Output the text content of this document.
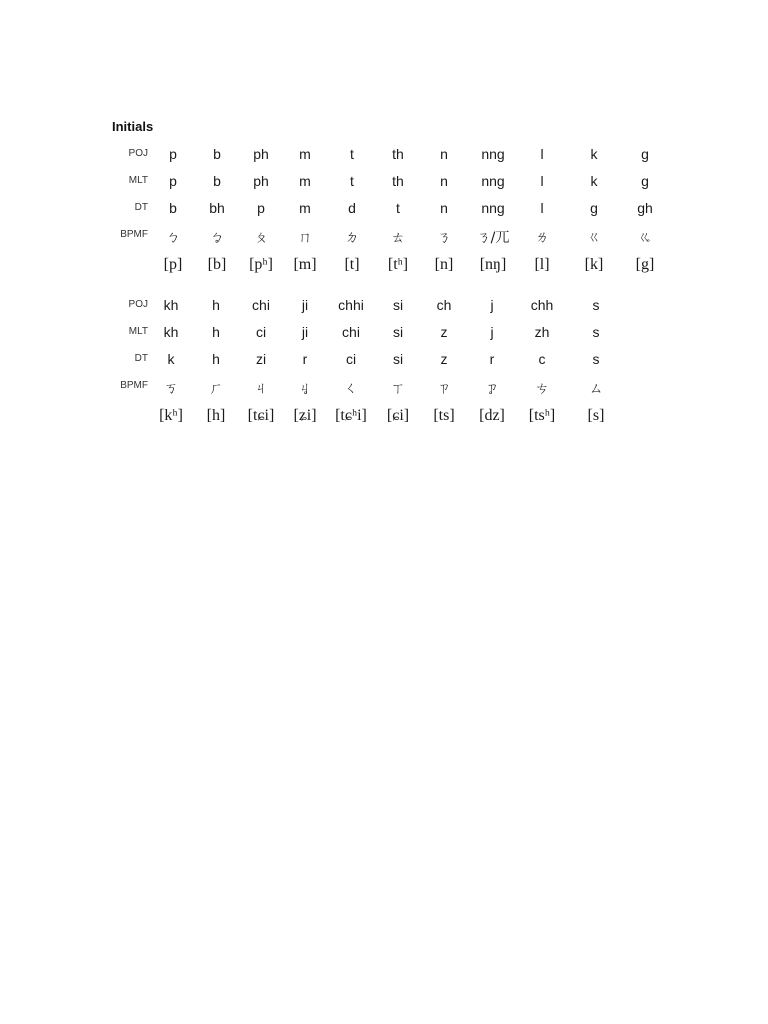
Initials
POJ	p	b	ph	m	t	th	n	nng	l	k	g
MLT	p	b	ph	m	t	th	n	nng	l	k	g
DT	b	bh	p	m	d	t	n	nng	l	g	gh
BPMF	ㄅ	ㆠ	ㄆ	ㄇ	ㄉ	ㄊ	ㄋ	ㄋ/ㄫ	ㄌ	ㄍ	ㆣ
[p]	[b]	[pʰ]	[m]	[t]	[tʰ]	[n]	[nŋ]	[l]	[k]	[g]
POJ	kh	h	chi	ji	chhi	si	ch	j	chh	s
MLT	kh	h	ci	ji	chi	si	z	j	zh	s
DT	k	h	zi	r	ci	si	z	r	c	s
BPMF	ㄎ	ㄏ	ㄐ	ㆢ	ㄑ	ㄒ	ㄗ	ㆡ	ㄘ	ㄙ
[kʰ]	[h]	[tɕi]	[ʑi]	[tɕʰi]	[ɕi]	[ts]	[dz]	[tsʰ]	[s]
